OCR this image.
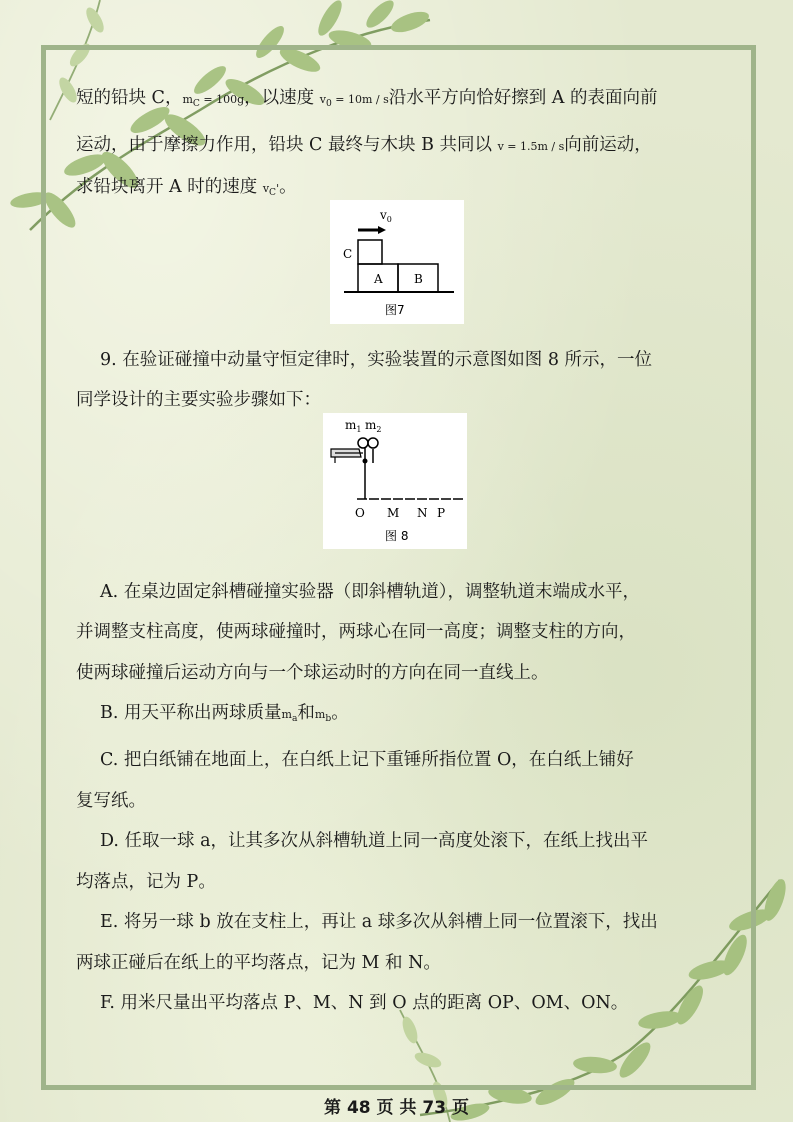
短的铅块 C，$m_C = 100g$，以速度 $v_0 = 10m / s$沿水平方向恰好擦到 A 的表面向前
运动，由于摩擦力作用，铅块 C 最终与木块 B 共同以 v = 1.5m / s向前运动，
求铅块离开 A 时的速度 $v_C'$。
9. 在验证碰撞中动量守恒定律时，实验装置的示意图如图 8 所示，一位
同学设计的主要实验步骤如下：
A. 在桌边固定斜槽碰撞实验器（即斜槽轨道），调整轨道末端成水平，
并调整支柱高度，使两球碰撞时，两球心在同一高度；调整支柱的方向，
使两球碰撞后运动方向与一个球运动时的方向在同一直线上。
B. 用天平称出两球质量$m_a$和$m_b$。
C. 把白纸铺在地面上，在白纸上记下重锤所指位置 O，在白纸上铺好
复写纸。
D. 任取一球 a，让其多次从斜槽轨道上同一高度处滚下，在纸上找出平
均落点，记为 P。
E. 将另一球 b 放在支柱上，再让 a 球多次从斜槽上同一位置滚下，找出
两球正碰后在纸上的平均落点，记为 M 和 N。
F. 用米尺量出平均落点 P、M、N 到 O 点的距离 OP、OM、ON。
$v_0$
C
A	B
图7
$m_1$ $m_2$
O M N P
图 8
第 48 页 共 73 页
